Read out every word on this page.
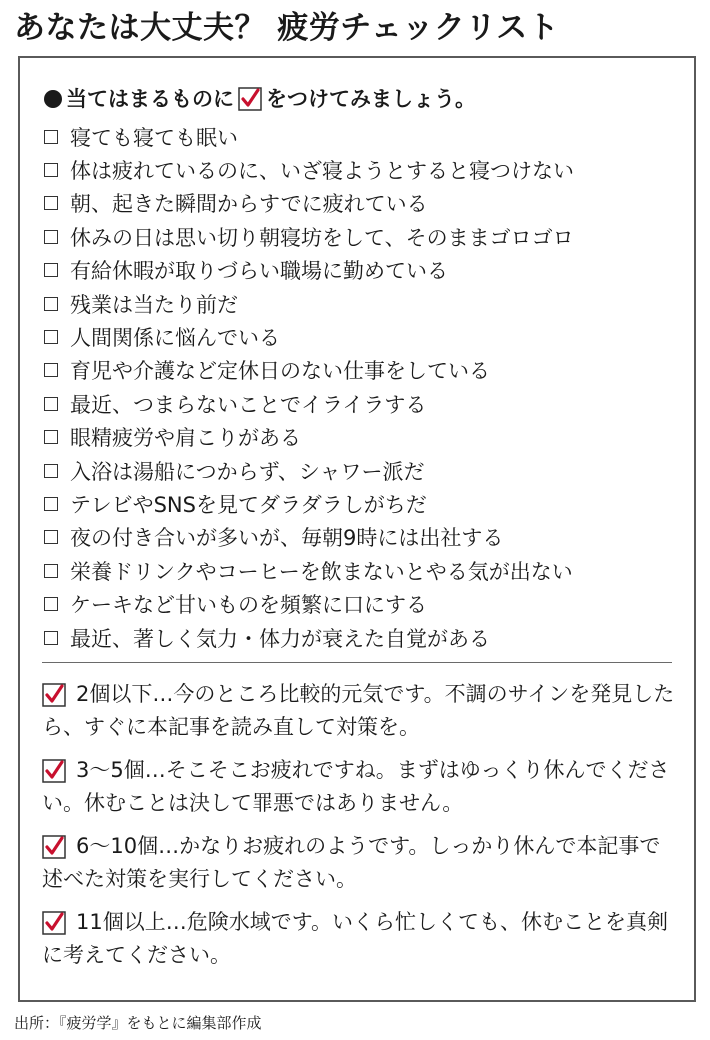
あなたは大丈夫？ 疲労チェックリスト
当てはまるものに をつけてみましょう。
寝ても寝ても眠い
体は疲れているのに、いざ寝ようとすると寝つけない
朝、起きた瞬間からすでに疲れている
休みの日は思い切り朝寝坊をして、そのままゴロゴロ
有給休暇が取りづらい職場に勤めている
残業は当たり前だ
人間関係に悩んでいる
育児や介護など定休日のない仕事をしている
最近、つまらないことでイライラする
眼精疲労や肩こりがある
入浴は湯船につからず、シャワー派だ
テレビやSNSを見てダラダラしがちだ
夜の付き合いが多いが、毎朝9時には出社する
栄養ドリンクやコーヒーを飲まないとやる気が出ない
ケーキなど甘いものを頻繁に口にする
最近、著しく気力・体力が衰えた自覚がある
2個以下…今のところ比較的元気です。不調のサインを発見したら、すぐに本記事を読み直して対策を。
3〜5個…そこそこお疲れですね。まずはゆっくり休んでください。休むことは決して罪悪ではありません。
6〜10個…かなりお疲れのようです。しっかり休んで本記事で述べた対策を実行してください。
11個以上…危険水域です。いくら忙しくても、休むことを真剣に考えてください。
出所：『疲労学』をもとに編集部作成
